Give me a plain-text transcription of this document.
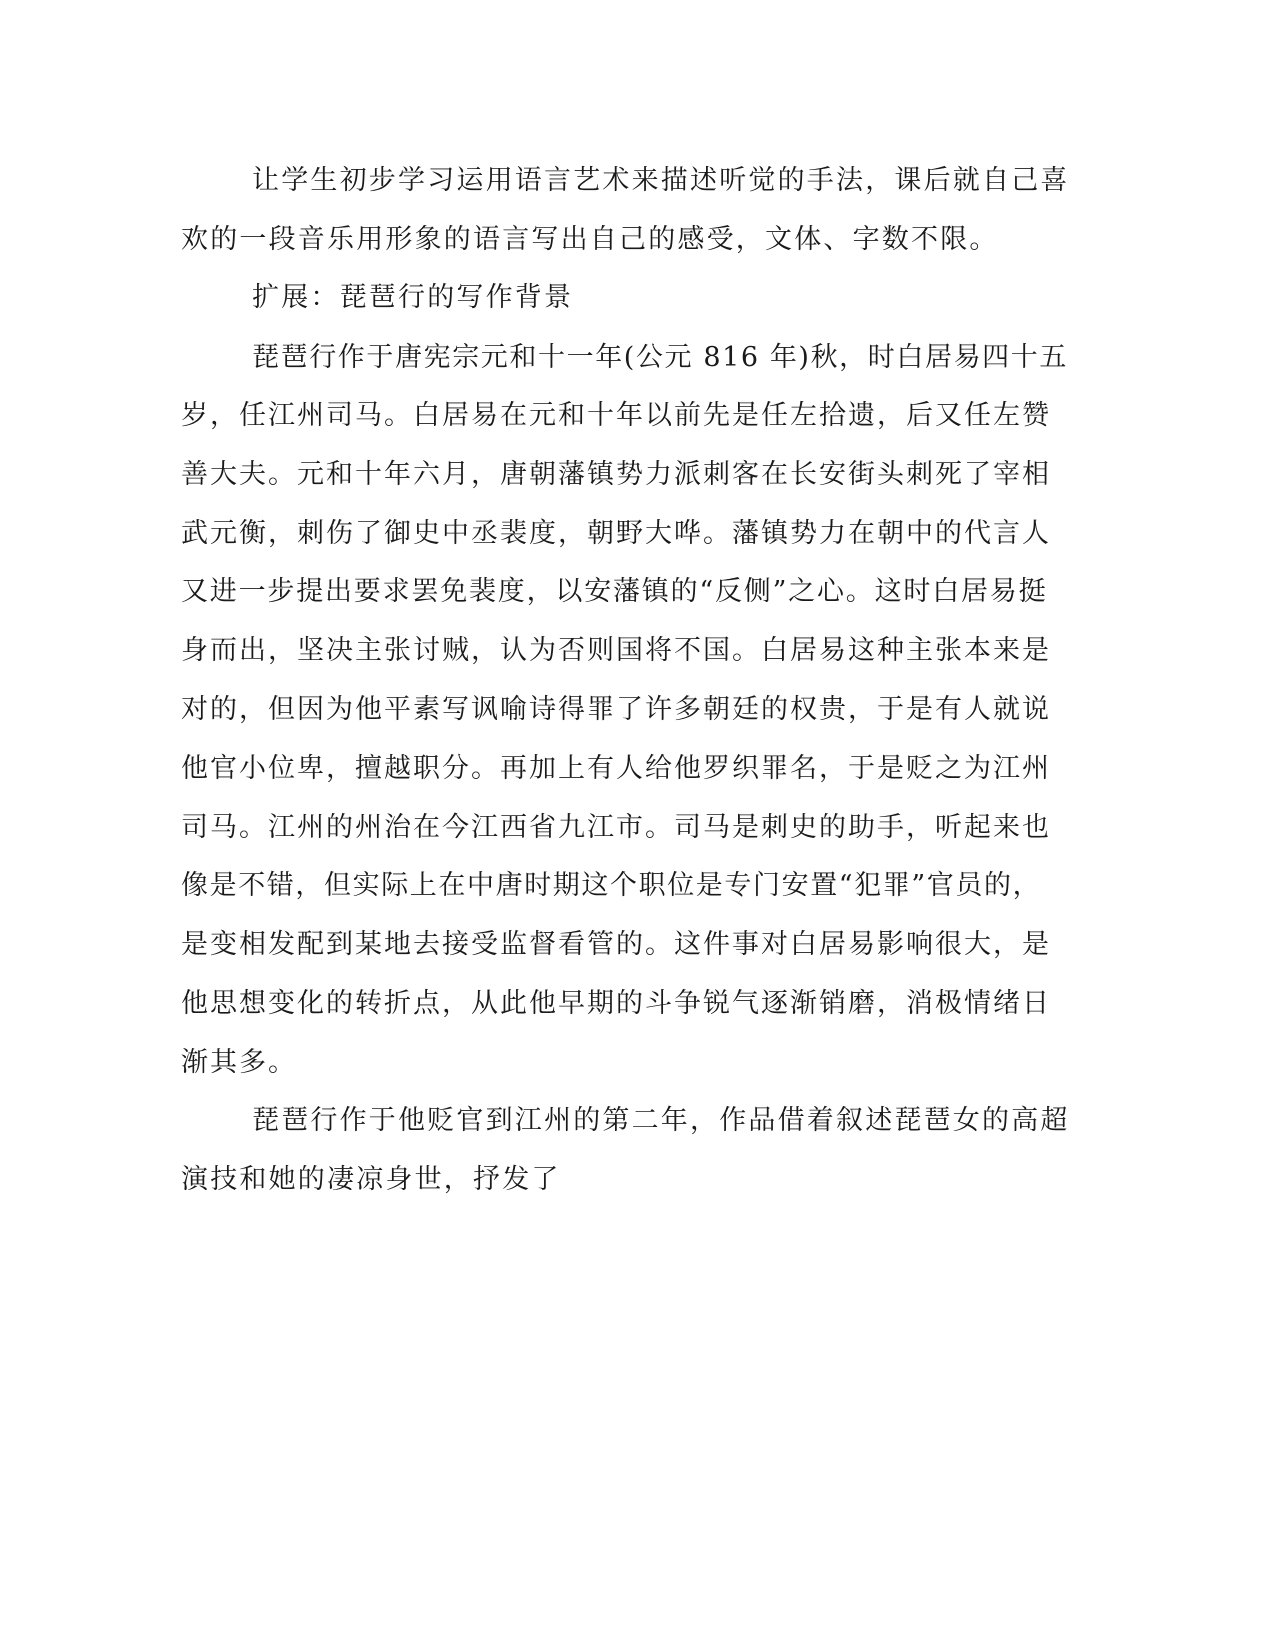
让学生初步学习运用语言艺术来描述听觉的手法，课后就自己喜

欢的一段音乐用形象的语言写出自己的感受，文体、字数不限。

扩展：琵琶行的写作背景

琵琶行作于唐宪宗元和十一年(公元 816 年)秋，时白居易四十五

岁，任江州司马。白居易在元和十年以前先是任左拾遗，后又任左赞

善大夫。元和十年六月，唐朝藩镇势力派刺客在长安街头刺死了宰相

武元衡，刺伤了御史中丞裴度，朝野大哗。藩镇势力在朝中的代言人

又进一步提出要求罢免裴度，以安藩镇的“反侧”之心。这时白居易挺

身而出，坚决主张讨贼，认为否则国将不国。白居易这种主张本来是

对的，但因为他平素写讽喻诗得罪了许多朝廷的权贵，于是有人就说

他官小位卑，擅越职分。再加上有人给他罗织罪名，于是贬之为江州

司马。江州的州治在今江西省九江市。司马是刺史的助手，听起来也

像是不错，但实际上在中唐时期这个职位是专门安置“犯罪”官员的，

是变相发配到某地去接受监督看管的。这件事对白居易影响很大，是

他思想变化的转折点，从此他早期的斗争锐气逐渐销磨，消极情绪日

渐其多。

琵琶行作于他贬官到江州的第二年，作品借着叙述琵琶女的高超

演技和她的凄凉身世，抒发了
